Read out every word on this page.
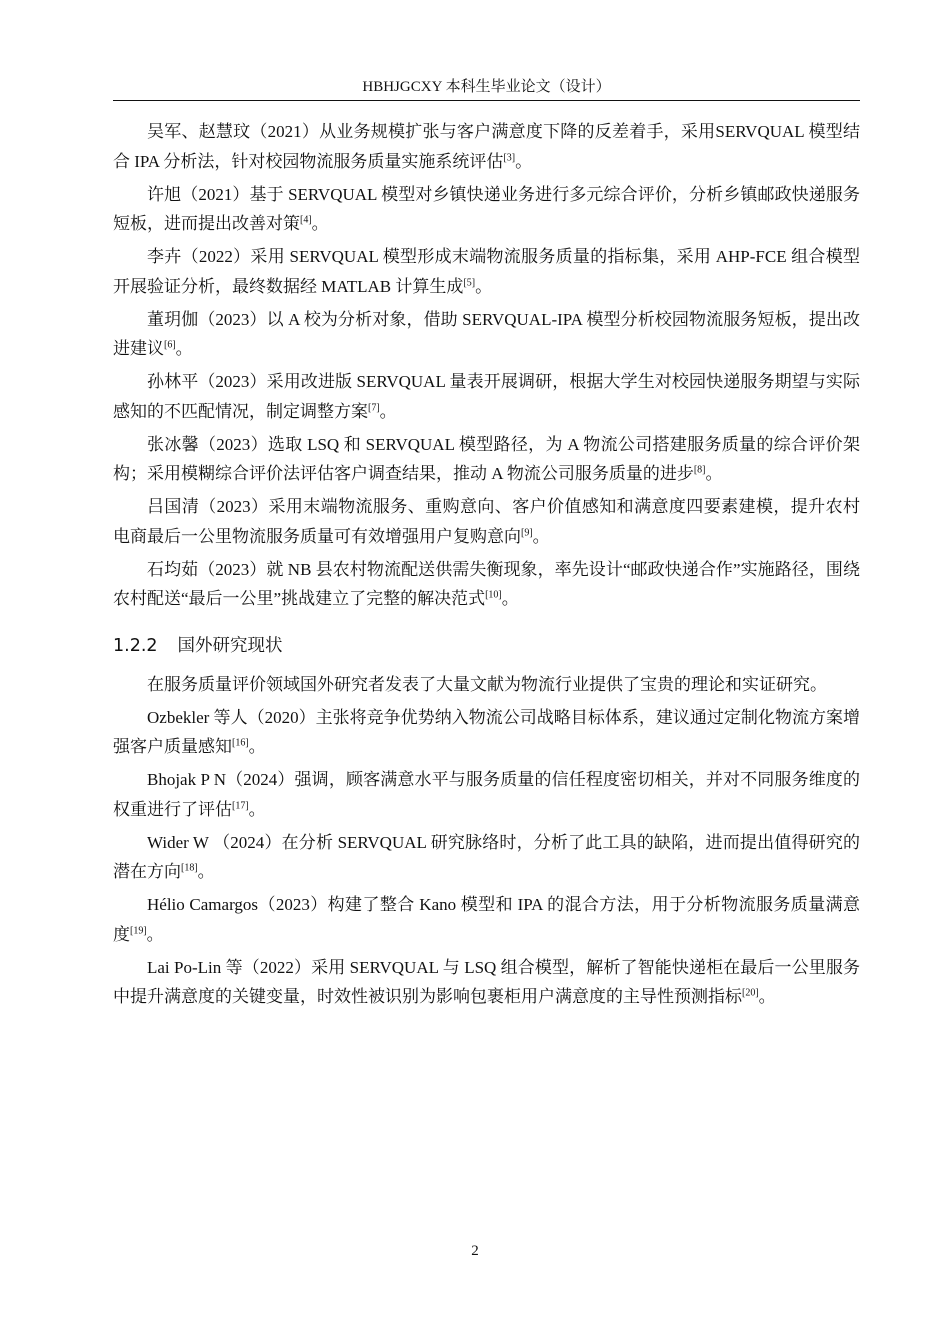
HBHJGCXY 本科生毕业论文（设计）

吴军、赵慧玟（2021）从业务规模扩张与客户满意度下降的反差着手，采用SERVQUAL 模型结合 IPA 分析法，针对校园物流服务质量实施系统评估[3]。

许旭（2021）基于 SERVQUAL 模型对乡镇快递业务进行多元综合评价，分析乡镇邮政快递服务短板，进而提出改善对策[4]。

李卉（2022）采用 SERVQUAL 模型形成末端物流服务质量的指标集，采用 AHP-FCE 组合模型开展验证分析，最终数据经 MATLAB 计算生成[5]。

董玥伽（2023）以 A 校为分析对象，借助 SERVQUAL-IPA 模型分析校园物流服务短板，提出改进建议[6]。

孙林平（2023）采用改进版 SERVQUAL 量表开展调研，根据大学生对校园快递服务期望与实际感知的不匹配情况，制定调整方案[7]。

张冰馨（2023）选取 LSQ 和 SERVQUAL 模型路径，为 A 物流公司搭建服务质量的综合评价架构；采用模糊综合评价法评估客户调查结果，推动 A 物流公司服务质量的进步[8]。

吕国清（2023）采用末端物流服务、重购意向、客户价值感知和满意度四要素建模，提升农村电商最后一公里物流服务质量可有效增强用户复购意向[9]。

石均茹（2023）就 NB 县农村物流配送供需失衡现象，率先设计“邮政快递合作”实施路径，围绕农村配送“最后一公里”挑战建立了完整的解决范式[10]。

1.2.2 国外研究现状

在服务质量评价领域国外研究者发表了大量文献为物流行业提供了宝贵的理论和实证研究。

Ozbekler 等人（2020）主张将竞争优势纳入物流公司战略目标体系，建议通过定制化物流方案增强客户质量感知[16]。

Bhojak P N（2024）强调，顾客满意水平与服务质量的信任程度密切相关，并对不同服务维度的权重进行了评估[17]。

Wider W （2024）在分析 SERVQUAL 研究脉络时，分析了此工具的缺陷，进而提出值得研究的潜在方向[18]。

Hélio Camargos（2023）构建了整合 Kano 模型和 IPA 的混合方法，用于分析物流服务质量满意度[19]。

Lai Po-Lin 等（2022）采用 SERVQUAL 与 LSQ 组合模型，解析了智能快递柜在最后一公里服务中提升满意度的关键变量，时效性被识别为影响包裹柜用户满意度的主导性预测指标[20]。

2
